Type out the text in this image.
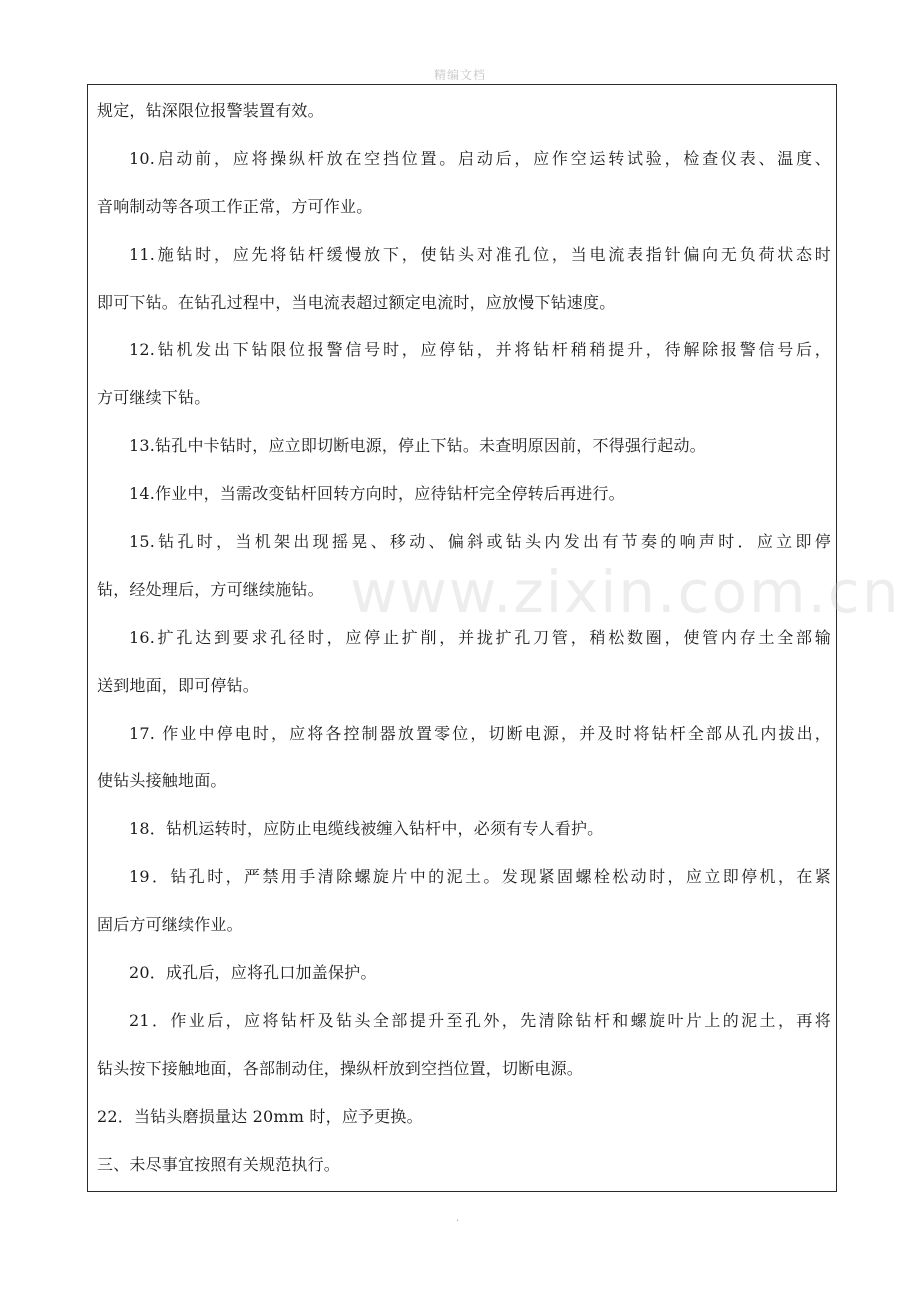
精编文档
规定，钻深限位报警装置有效。
10.启动前，应将操纵杆放在空挡位置。启动后，应作空运转试验，检查仪表、温度、
音响制动等各项工作正常，方可作业。
11.施钻时，应先将钻杆缓慢放下，使钻头对准孔位，当电流表指针偏向无负荷状态时
即可下钻。在钻孔过程中，当电流表超过额定电流时，应放慢下钻速度。
12.钻机发出下钻限位报警信号时，应停钻，并将钻杆稍稍提升，待解除报警信号后，
方可继续下钻。
13.钻孔中卡钻时，应立即切断电源，停止下钻。未查明原因前，不得强行起动。
14.作业中，当需改变钻杆回转方向时，应待钻杆完全停转后再进行。
15.钻孔时，当机架出现摇晃、移动、偏斜或钻头内发出有节奏的响声时．应立即停
钻，经处理后，方可继续施钻。
16.扩孔达到要求孔径时，应停止扩削，并拢扩孔刀管，稍松数圈，使管内存土全部输
送到地面，即可停钻。
17. 作业中停电时，应将各控制器放置零位，切断电源，并及时将钻杆全部从孔内拔出，
使钻头接触地面。
18．钻机运转时，应防止电缆线被缠入钻杆中，必须有专人看护。
19．钻孔时，严禁用手清除螺旋片中的泥土。发现紧固螺栓松动时，应立即停机，在紧
固后方可继续作业。
20．成孔后，应将孔口加盖保护。
21．作业后，应将钻杆及钻头全部提升至孔外，先清除钻杆和螺旋叶片上的泥土，再将
钻头按下接触地面，各部制动住，操纵杆放到空挡位置，切断电源。
22．当钻头磨损量达 20mm 时，应予更换。
三、未尽事宜按照有关规范执行。
www.zixin.com.cn
.
